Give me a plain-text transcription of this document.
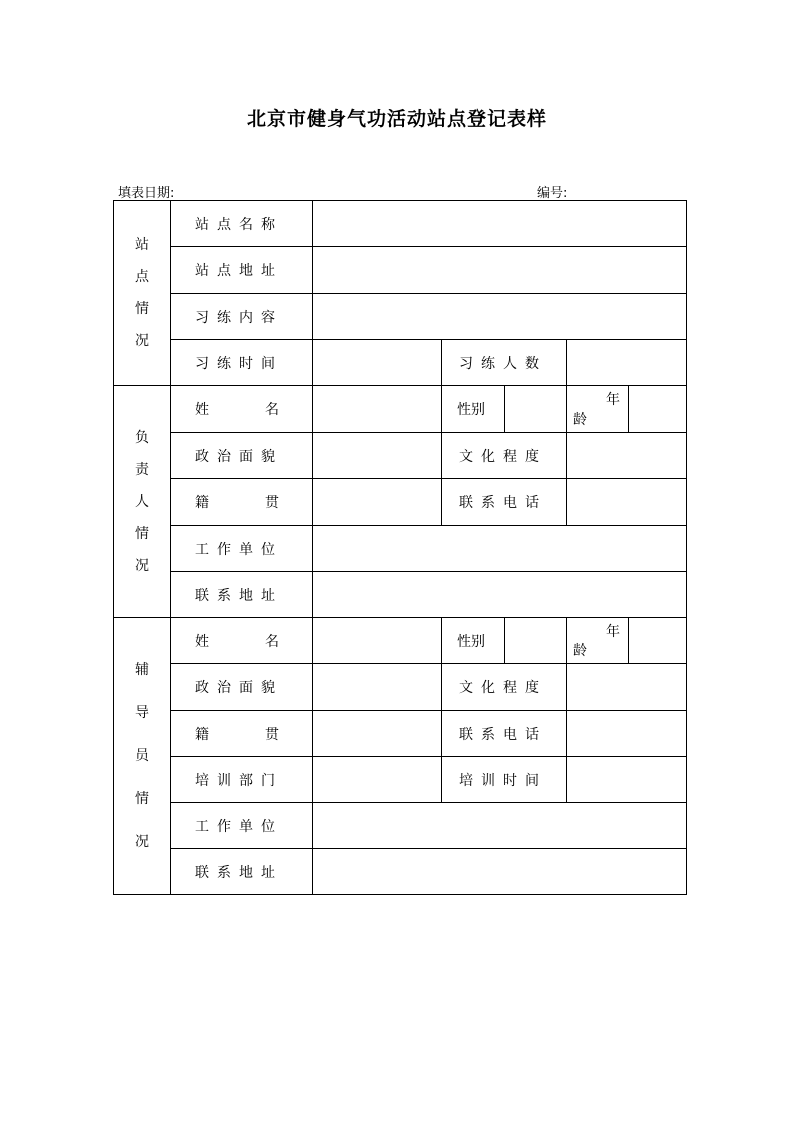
北京市健身气功活动站点登记表样
填表日期:	编号:
站
点
情
况	站点名称					
	站点地址					
	习练内容					
	习练时间		习练人数			

负
责
人
情
况	姓 名		性别		年
龄	

	政治面貌		文化程度			
	籍 贯		联系电话			
	工作单位					
	联系地址					

辅
导
员
情
况	姓 名		性别		年
龄	

	政治面貌		文化程度			
	籍 贯		联系电话			
	培训部门		培训时间			
	工作单位					
	联系地址					
